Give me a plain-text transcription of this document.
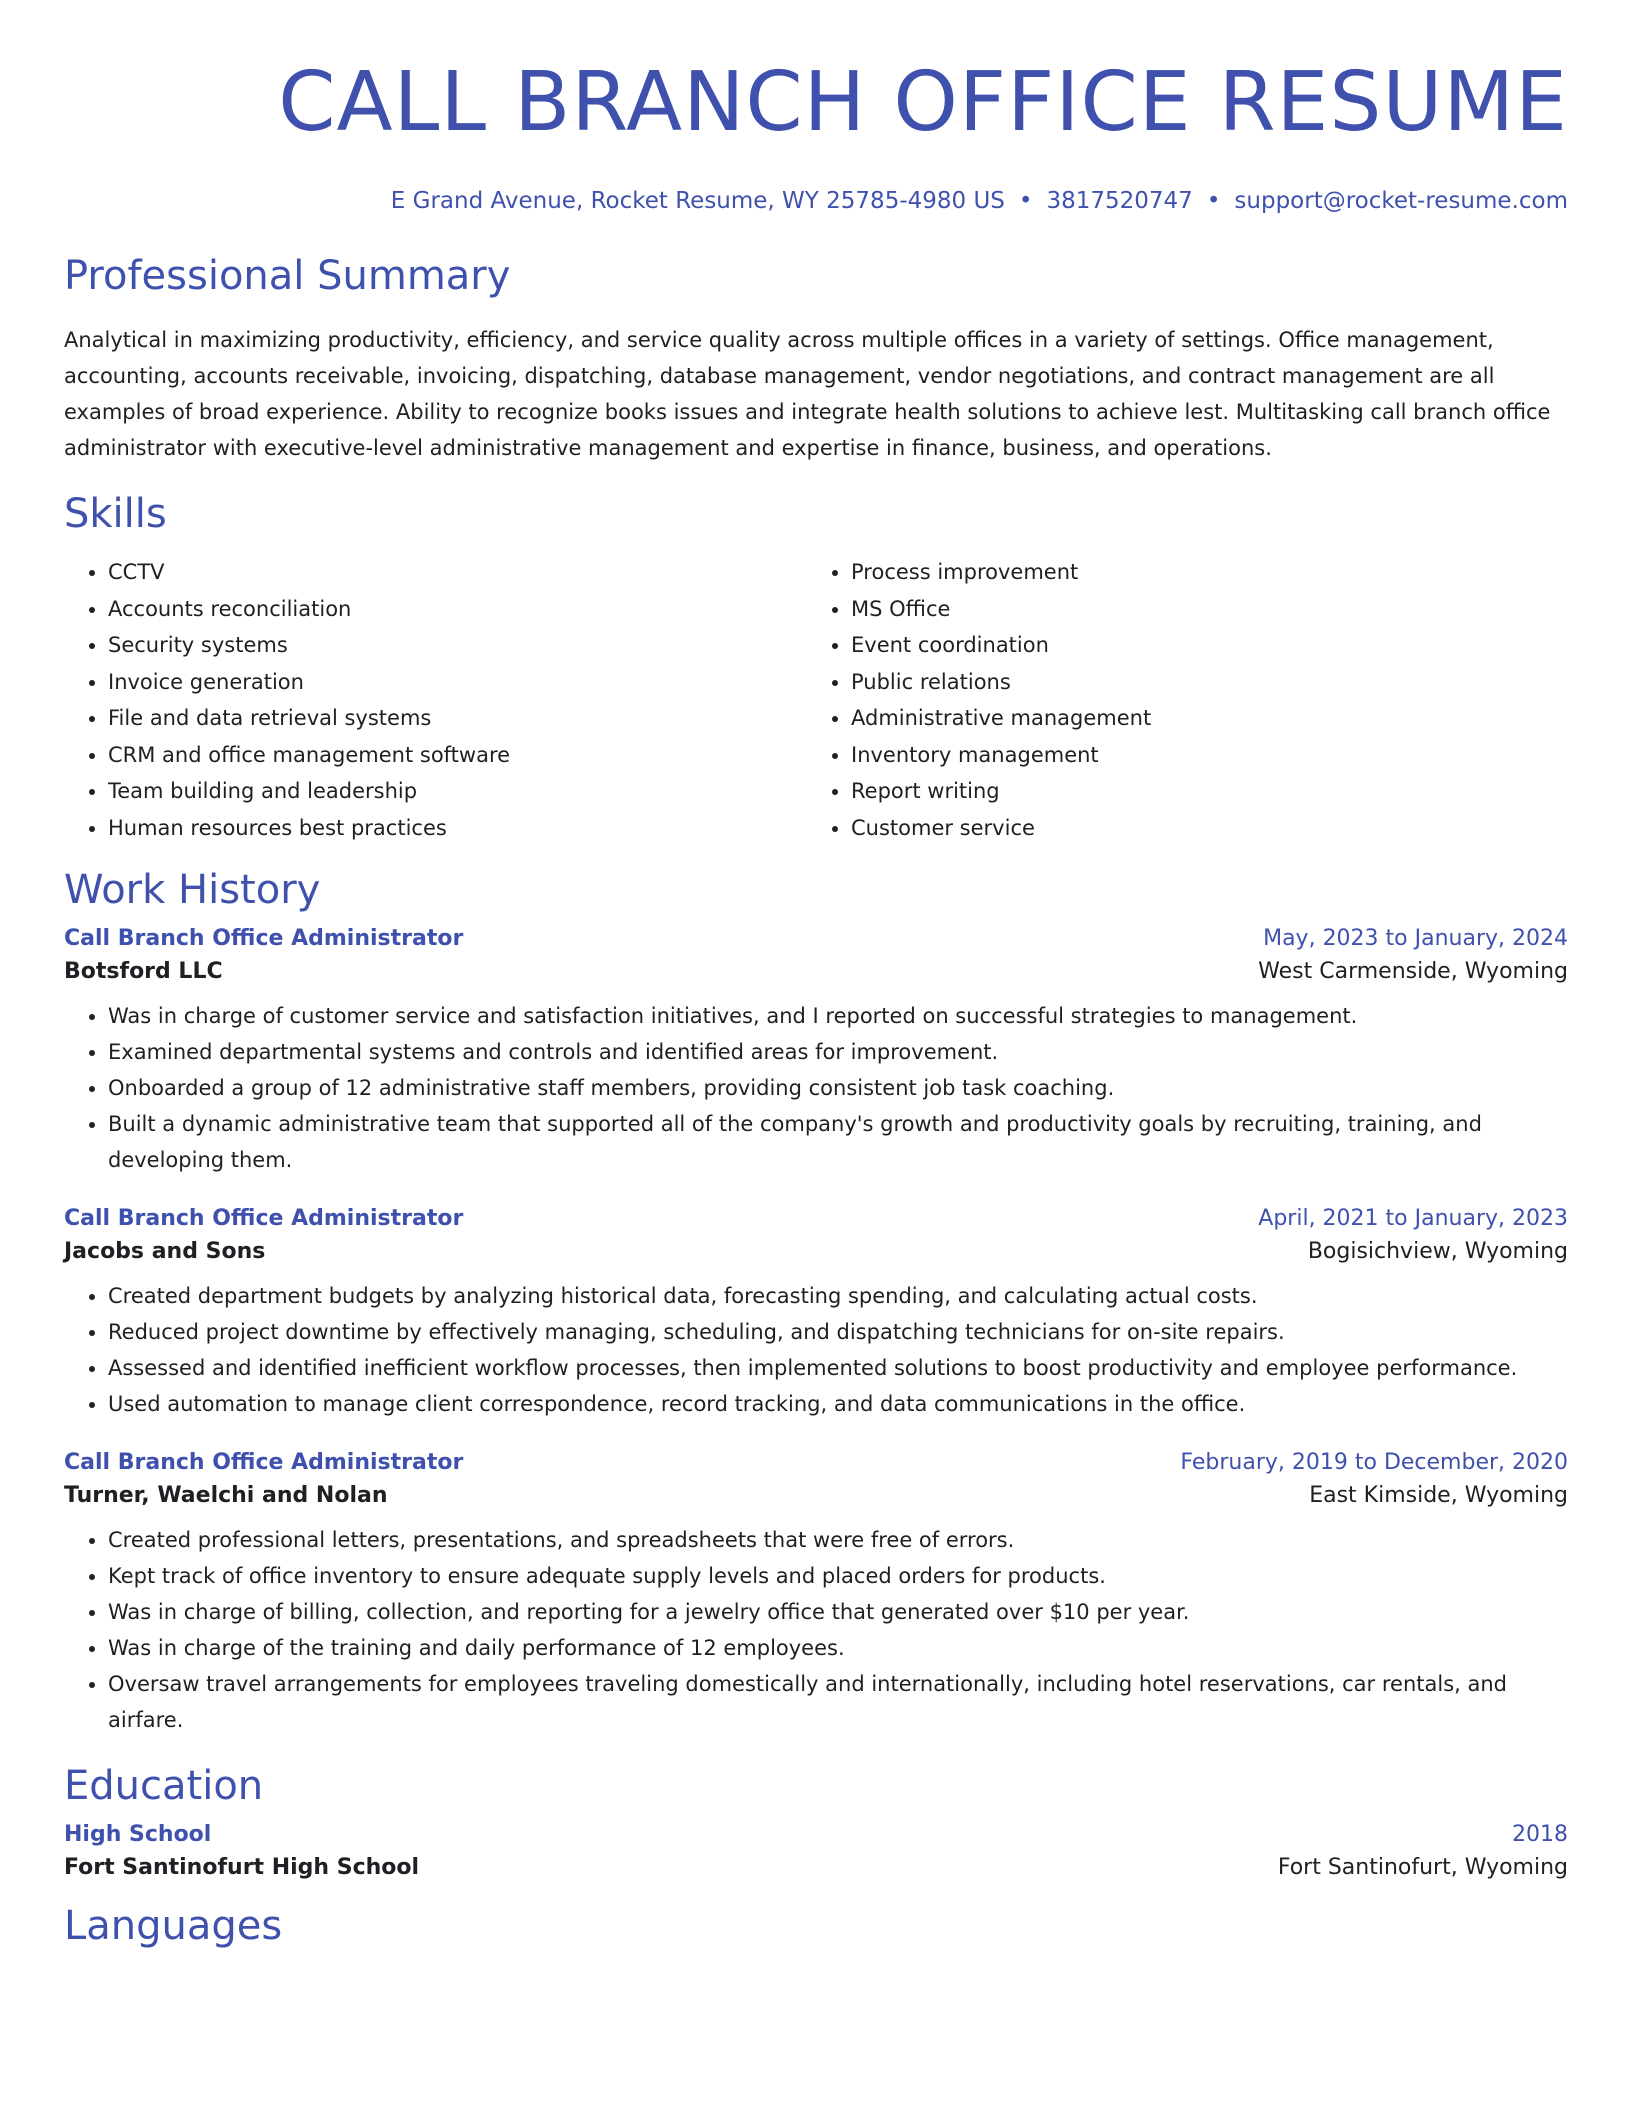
CALL BRANCH OFFICE RESUME
E Grand Avenue, Rocket Resume, WY 25785-4980 US • 3817520747 • support@rocket-resume.com
Professional Summary
Analytical in maximizing productivity, efficiency, and service quality across multiple offices in a variety of settings. Office management, accounting, accounts receivable, invoicing, dispatching, database management, vendor negotiations, and contract management are all examples of broad experience. Ability to recognize books issues and integrate health solutions to achieve lest. Multitasking call branch office administrator with executive-level administrative management and expertise in finance, business, and operations.
Skills
• CCTV
• Accounts reconciliation
• Security systems
• Invoice generation
• File and data retrieval systems
• CRM and office management software
• Team building and leadership
• Human resources best practices
• Process improvement
• MS Office
• Event coordination
• Public relations
• Administrative management
• Inventory management
• Report writing
• Customer service
Work History
Call Branch Office Administrator	May, 2023 to January, 2024
Botsford LLC	West Carmenside, Wyoming
• Was in charge of customer service and satisfaction initiatives, and I reported on successful strategies to management.
• Examined departmental systems and controls and identified areas for improvement.
• Onboarded a group of 12 administrative staff members, providing consistent job task coaching.
• Built a dynamic administrative team that supported all of the company's growth and productivity goals by recruiting, training, and developing them.
Call Branch Office Administrator	April, 2021 to January, 2023
Jacobs and Sons	Bogisichview, Wyoming
• Created department budgets by analyzing historical data, forecasting spending, and calculating actual costs.
• Reduced project downtime by effectively managing, scheduling, and dispatching technicians for on-site repairs.
• Assessed and identified inefficient workflow processes, then implemented solutions to boost productivity and employee performance.
• Used automation to manage client correspondence, record tracking, and data communications in the office.
Call Branch Office Administrator	February, 2019 to December, 2020
Turner, Waelchi and Nolan	East Kimside, Wyoming
• Created professional letters, presentations, and spreadsheets that were free of errors.
• Kept track of office inventory to ensure adequate supply levels and placed orders for products.
• Was in charge of billing, collection, and reporting for a jewelry office that generated over $10 per year.
• Was in charge of the training and daily performance of 12 employees.
• Oversaw travel arrangements for employees traveling domestically and internationally, including hotel reservations, car rentals, and airfare.
Education
High School	2018
Fort Santinofurt High School	Fort Santinofurt, Wyoming
Languages
